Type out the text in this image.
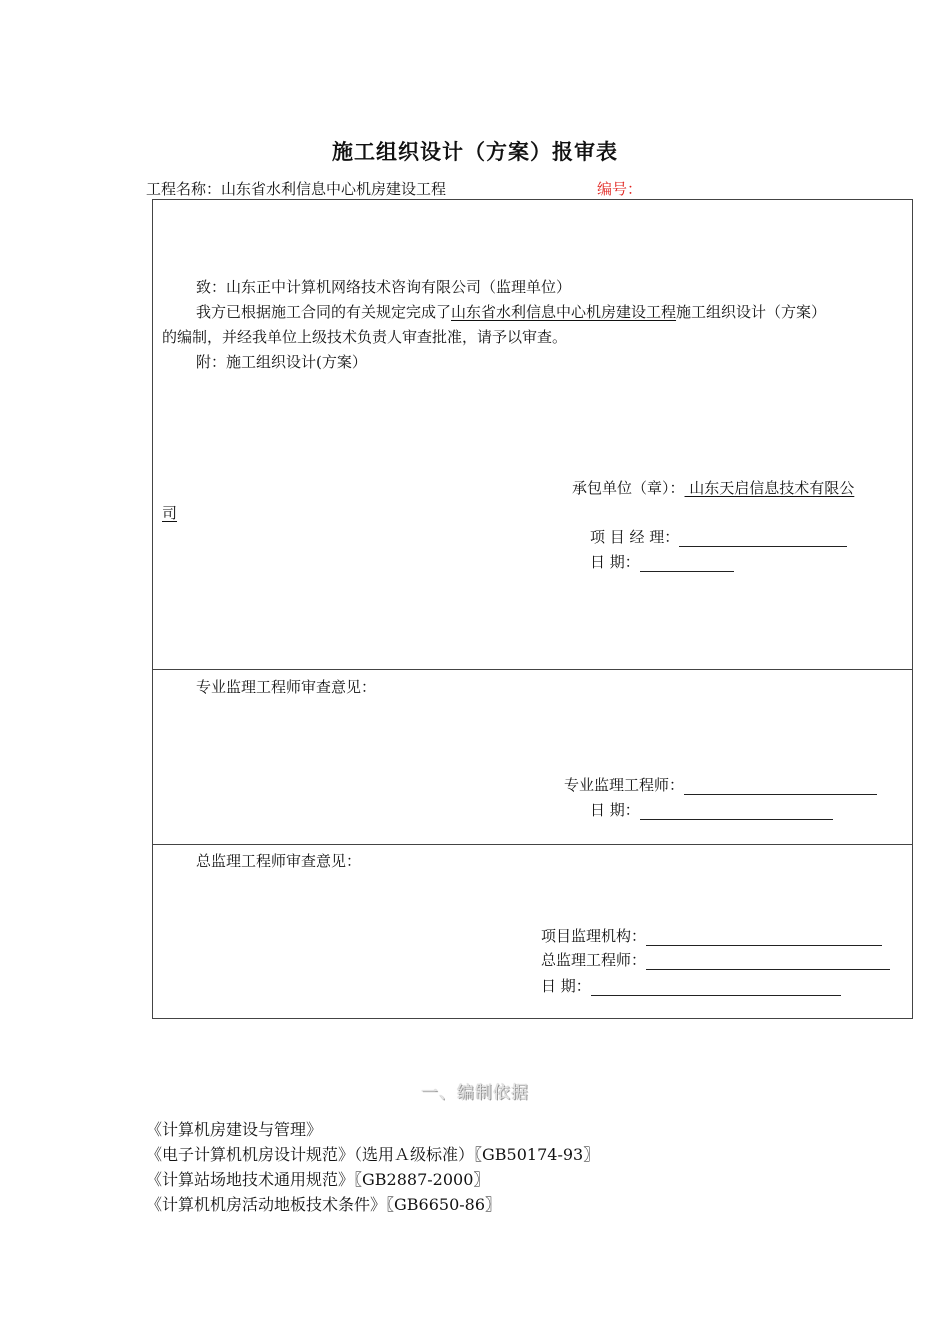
施工组织设计（方案）报审表
工程名称：山东省水利信息中心机房建设工程	编号：
致：山东正中计算机网络技术咨询有限公司（监理单位）
我方已根据施工合同的有关规定完成了山东省水利信息中心机房建设工程施工组织设计（方案）
的编制，并经我单位上级技术负责人审查批准，请予以审查。
附：施工组织设计(方案）
承包单位（章）： 山东天启信息技术有限公
司
项 目 经 理：
日 期：
专业监理工程师审查意见：
专业监理工程师：
日 期：
总监理工程师审查意见：
项目监理机构：
总监理工程师：
日 期：
一、编制依据
《计算机房建设与管理》
《电子计算机机房设计规范》（选用Ａ级标准）〖GB50174-93〗
《计算站场地技术通用规范》〖GB2887-2000〗
《计算机机房活动地板技术条件》〖GB6650-86〗
